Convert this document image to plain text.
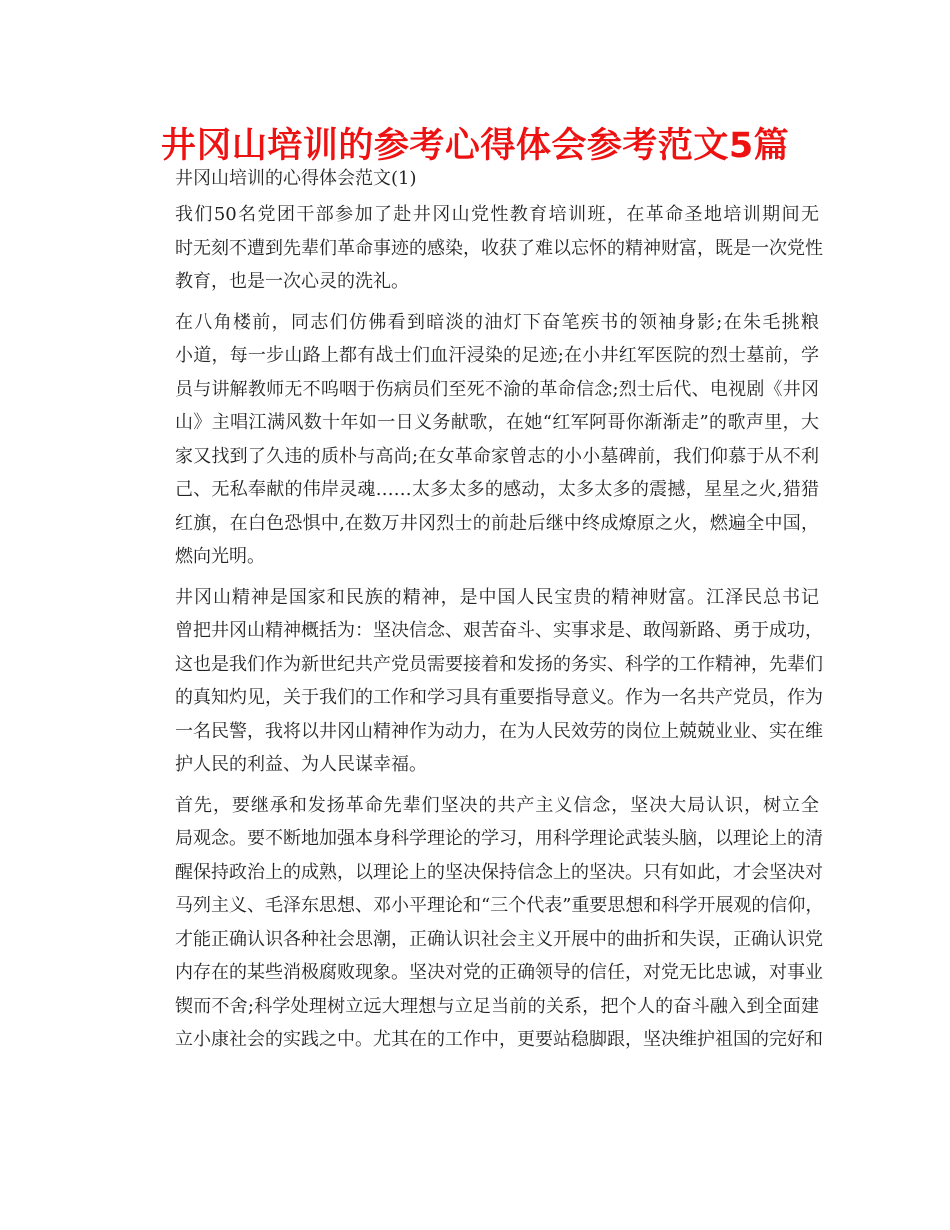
井冈山培训的参考心得体会参考范文5篇

井冈山培训的心得体会范文(1)

我们50名党团干部参加了赴井冈山党性教育培训班，在革命圣地培训期间无
时无刻不遭到先辈们革命事迹的感染，收获了难以忘怀的精神财富，既是一次党性
教育，也是一次心灵的洗礼。

在八角楼前，同志们仿佛看到暗淡的油灯下奋笔疾书的领袖身影;在朱毛挑粮
小道，每一步山路上都有战士们血汗浸染的足迹;在小井红军医院的烈士墓前，学
员与讲解教师无不呜咽于伤病员们至死不渝的革命信念;烈士后代、电视剧《井冈
山》主唱江满风数十年如一日义务献歌，在她“红军阿哥你渐渐走”的歌声里，大
家又找到了久违的质朴与高尚;在女革命家曾志的小小墓碑前，我们仰慕于从不利
己、无私奉献的伟岸灵魂……太多太多的感动，太多太多的震撼，星星之火,猎猎
红旗，在白色恐惧中,在数万井冈烈士的前赴后继中终成燎原之火，燃遍全中国，
燃向光明。

井冈山精神是国家和民族的精神，是中国人民宝贵的精神财富。江泽民总书记
曾把井冈山精神概括为：坚决信念、艰苦奋斗、实事求是、敢闯新路、勇于成功，
这也是我们作为新世纪共产党员需要接着和发扬的务实、科学的工作精神，先辈们
的真知灼见，关于我们的工作和学习具有重要指导意义。作为一名共产党员，作为
一名民警，我将以井冈山精神作为动力，在为人民效劳的岗位上兢兢业业、实在维
护人民的利益、为人民谋幸福。

首先，要继承和发扬革命先辈们坚决的共产主义信念，坚决大局认识，树立全
局观念。要不断地加强本身科学理论的学习，用科学理论武装头脑，以理论上的清
醒保持政治上的成熟，以理论上的坚决保持信念上的坚决。只有如此，才会坚决对
马列主义、毛泽东思想、邓小平理论和“三个代表”重要思想和科学开展观的信仰，
才能正确认识各种社会思潮，正确认识社会主义开展中的曲折和失误，正确认识党
内存在的某些消极腐败现象。坚决对党的正确领导的信任，对党无比忠诚，对事业
锲而不舍;科学处理树立远大理想与立足当前的关系，把个人的奋斗融入到全面建
立小康社会的实践之中。尤其在的工作中，更要站稳脚跟，坚决维护祖国的完好和
